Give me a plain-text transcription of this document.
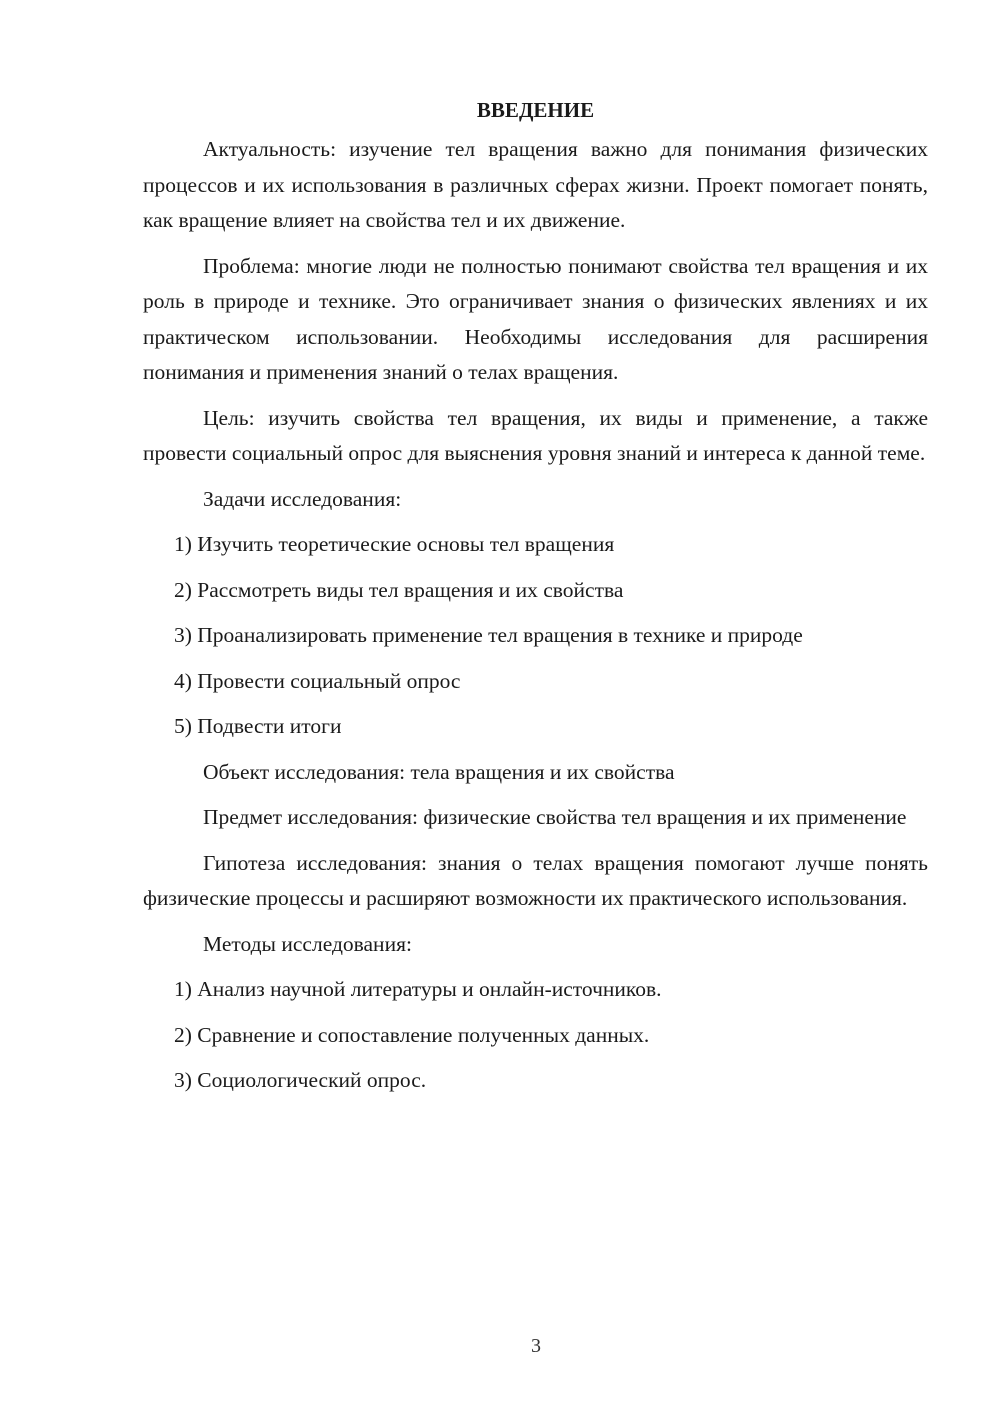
ВВЕДЕНИЕ

Актуальность: изучение тел вращения важно для понимания физических процессов и их использования в различных сферах жизни. Проект помогает понять, как вращение влияет на свойства тел и их движение.

Проблема: многие люди не полностью понимают свойства тел вращения и их роль в природе и технике. Это ограничивает знания о физических явлениях и их практическом использовании. Необходимы исследования для расширения понимания и применения знаний о телах вращения.

Цель: изучить свойства тел вращения, их виды и применение, а также провести социальный опрос для выяснения уровня знаний и интереса к данной теме.

Задачи исследования:
1) Изучить теоретические основы тел вращения
2) Рассмотреть виды тел вращения и их свойства
3) Проанализировать применение тел вращения в технике и природе
4) Провести социальный опрос
5) Подвести итоги
Объект исследования: тела вращения и их свойства

Предмет исследования: физические свойства тел вращения и их применение

Гипотеза исследования: знания о телах вращения помогают лучше понять физические процессы и расширяют возможности их практического использования.

Методы исследования:
1) Анализ научной литературы и онлайн-источников.
2) Сравнение и сопоставление полученных данных.
3) Социологический опрос.
3
